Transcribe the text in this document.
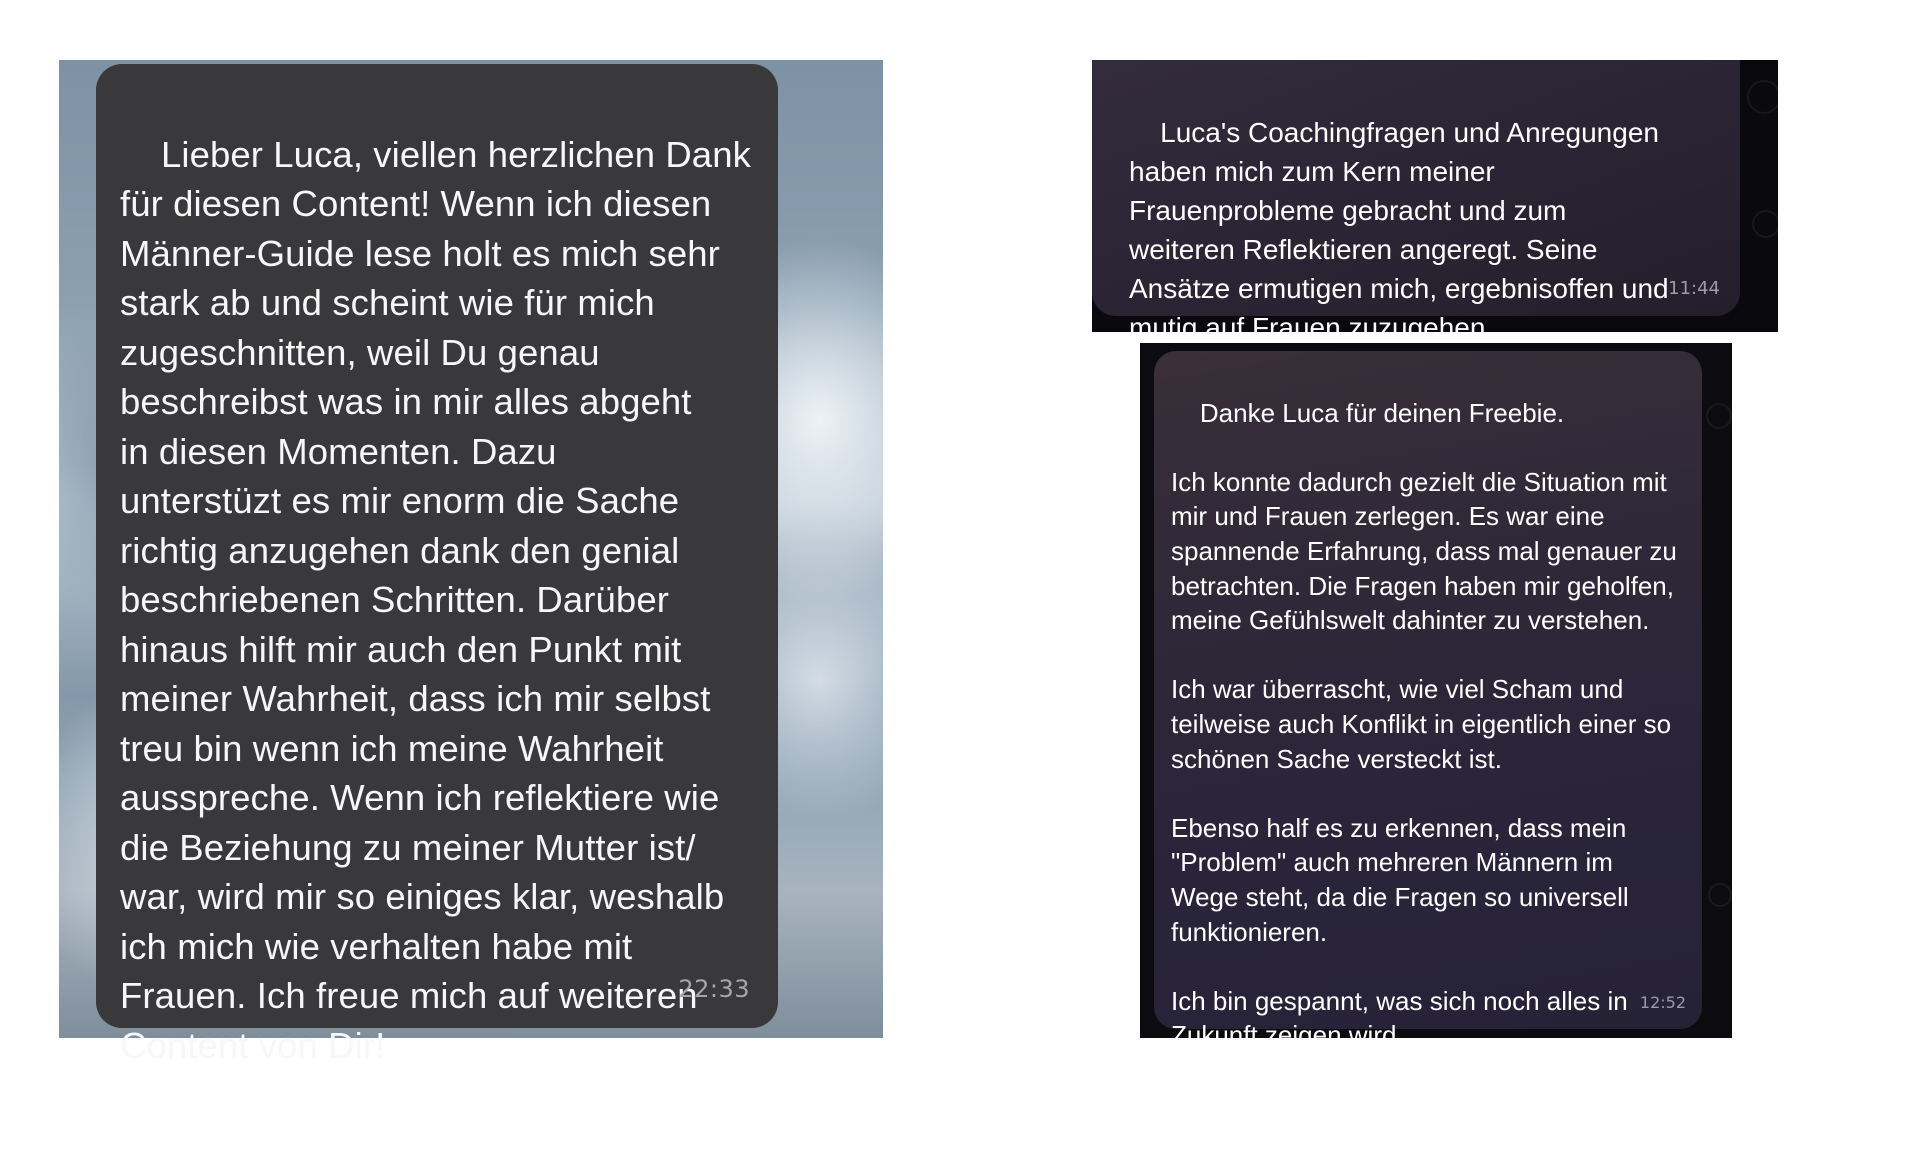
Lieber Luca, viellen herzlichen Dank
für diesen Content! Wenn ich diesen
Männer-Guide lese holt es mich sehr
stark ab und scheint wie für mich
zugeschnitten, weil Du genau
beschreibst was in mir alles abgeht
in diesen Momenten. Dazu
unterstüzt es mir enorm die Sache
richtig anzugehen dank den genial
beschriebenen Schritten. Darüber
hinaus hilft mir auch den Punkt mit
meiner Wahrheit, dass ich mir selbst
treu bin wenn ich meine Wahrheit
ausspreche. Wenn ich reflektiere wie
die Beziehung zu meiner Mutter ist/
war, wird mir so einiges klar, weshalb
ich mich wie verhalten habe mit
Frauen. Ich freue mich auf weiteren
Content von Dir!

22:33

Luca's Coachingfragen und Anregungen
haben mich zum Kern meiner
Frauenprobleme gebracht und zum
weiteren Reflektieren angeregt. Seine
Ansätze ermutigen mich, ergebnisoffen und
mutig auf Frauen zuzugehen.

11:44

Danke Luca für deinen Freebie.

Ich konnte dadurch gezielt die Situation mit
mir und Frauen zerlegen. Es war eine
spannende Erfahrung, dass mal genauer zu
betrachten. Die Fragen haben mir geholfen,
meine Gefühlswelt dahinter zu verstehen.

Ich war überrascht, wie viel Scham und
teilweise auch Konflikt in eigentlich einer so
schönen Sache versteckt ist.

Ebenso half es zu erkennen, dass mein
"Problem" auch mehreren Männern im
Wege steht, da die Fragen so universell
funktionieren.

Ich bin gespannt, was sich noch alles in
Zukunft zeigen wird.

12:52
